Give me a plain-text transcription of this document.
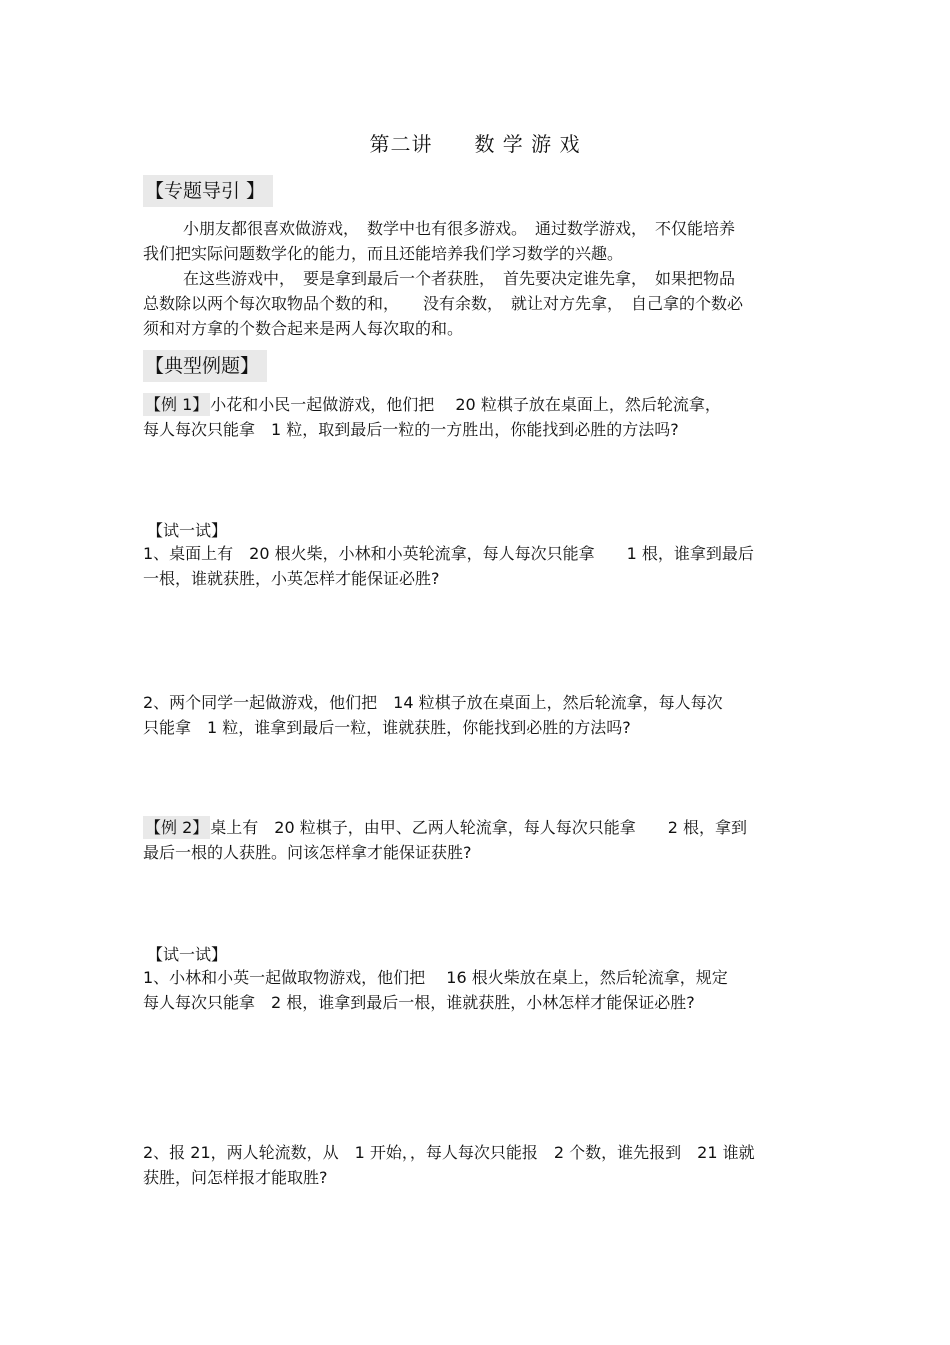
第二讲　　数 学 游 戏
【专题导引 】
小朋友都很喜欢做游戏，　数学中也有很多游戏。　通过数学游戏，　不仅能培养
我们把实际问题数学化的能力，而且还能培养我们学习数学的兴趣。
在这些游戏中，　要是拿到最后一个者获胜，　首先要决定谁先拿，　如果把物品
总数除以两个每次取物品个数的和，　　没有余数，　就让对方先拿，　自己拿的个数必
须和对方拿的个数合起来是两人每次取的和。
【典型例题】
【例 1】 小花和小民一起做游戏，他们把　 20 粒棋子放在桌面上，然后轮流拿，
每人每次只能拿　1 粒，取到最后一粒的一方胜出，你能找到必胜的方法吗?
【试一试】
1、桌面上有　20 根火柴，小林和小英轮流拿，每人每次只能拿　　1 根，谁拿到最后
一根，谁就获胜，小英怎样才能保证必胜?
2、两个同学一起做游戏，他们把　14 粒棋子放在桌面上，然后轮流拿，每人每次
只能拿　1 粒，谁拿到最后一粒，谁就获胜，你能找到必胜的方法吗?
【例 2】 桌上有　20 粒棋子，由甲、乙两人轮流拿，每人每次只能拿　　2 根，拿到
最后一根的人获胜。问该怎样拿才能保证获胜?
【试一试】
1、小林和小英一起做取物游戏，他们把　 16 根火柴放在桌上，然后轮流拿，规定
每人每次只能拿　2 根，谁拿到最后一根，谁就获胜，小林怎样才能保证必胜?
2、报 21，两人轮流数，从　1 开始，，每人每次只能报　2 个数，谁先报到　21 谁就
获胜，问怎样报才能取胜?
